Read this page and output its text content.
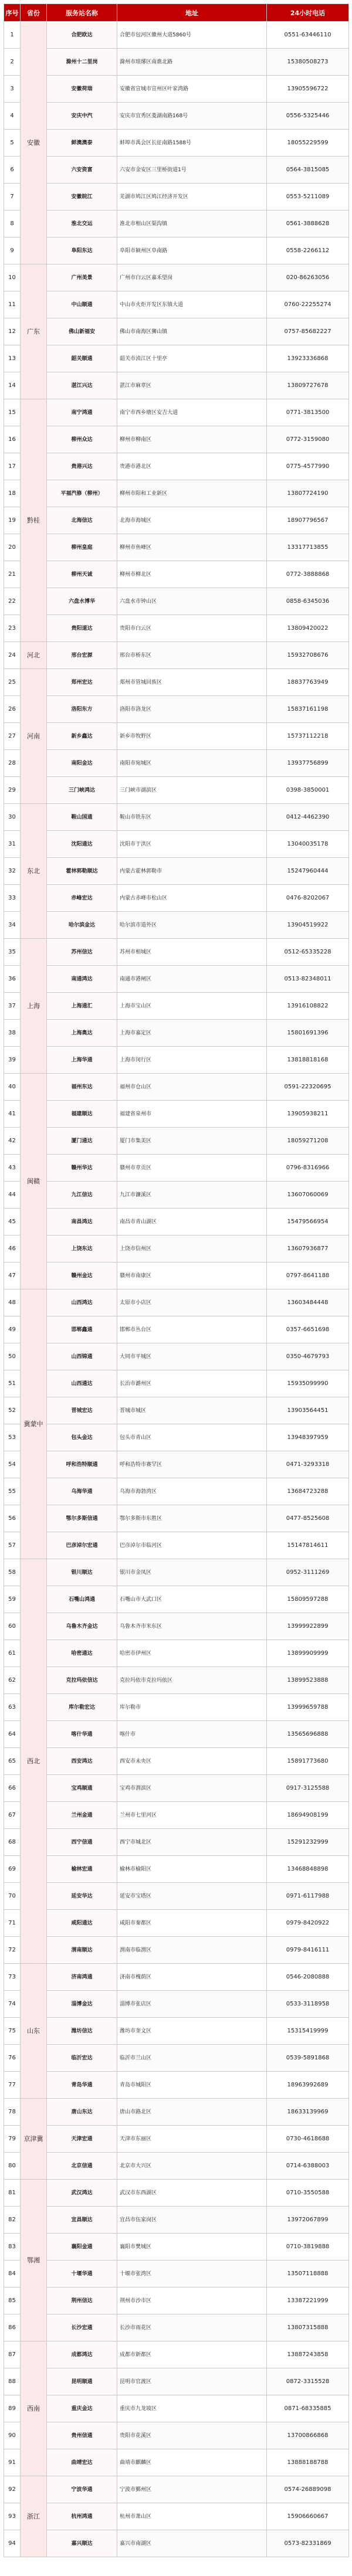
序号	省份	服务站名称	地址	24小时电话
1	安徽	合肥欧达	合肥市包河区徽州大道5860号	0551-63446110
2		滁州十二里岗	滁州市琅琊区南谯北路	15380508273
3		安徽荷瑞	安徽省宣城市宣州区叶家湾路	13905596722
4		安庆中汽	安庆市宜秀区菱湖南路168号	0556-5325446
5		鲜澳澳泰	蚌埠市禹会区长征南路1588号	18055229599
6		六安资富	六安市金安区三里桥街道1号	0564-3815085
7		安徽皖江	芜湖市鸠江区鸠江经济开发区	0553-5211089
8		淮北交运	淮北市相山区渠沟镇	0561-3888628
9		阜阳东达	阜阳市颍州区阜南路	0558-2266112
10	广东	广州美景	广州市白云区嘉禾望岗	020-86263056
11		中山顺通	中山市火炬开发区东镇大道	0760-22255274
12		佛山新福安	佛山市南海区狮山镇	0757-85682227
13		韶关顺通	韶关市浈江区十里亭	13923336868
14		湛江兴达	湛江市麻章区	13809727678
15	黔桂	南宁鸿通	南宁市西乡塘区安吉大道	0771-3813500
16		柳州众达	柳州市柳南区	0772-3159080
17		贵港兴达	贵港市港北区	0775-4577990
18		平福汽修（柳州）	柳州市阳和工业新区	13807724190
19		北海信达	北海市海城区	18907796567
20		柳州皇庭	柳州市鱼峰区	13317713855
21		柳州天诚	柳州市柳北区	0772-3888868
22		六盘水博华	六盘水市钟山区	0858-6345036
23		贵阳道达	贵阳市白云区	13809420022
24	河北	邢台宏源	邢台市桥东区	15932708676
25	河南	郑州宏达	郑州市管城回族区	18837763949
26		洛阳东方	洛阳市洛龙区	15837161198
27		新乡鑫达	新乡市牧野区	15737112218
28		南阳金达	南阳市宛城区	13937756899
29		三门峡鸿达	三门峡市湖滨区	0398-3850001
30	东北	鞍山国通	鞍山市铁东区	0412-4462390
31		沈阳通达	沈阳市于洪区	13040035178
32		霍林郭勒顺达	内蒙古霍林郭勒市	15247960444
33		赤峰宏达	内蒙古赤峰市松山区	0476-8202067
34		哈尔滨金达	哈尔滨市道外区	13904519922
35	上海	苏州信达	苏州市相城区	0512-65335228
36		南通鸿达	南通市港闸区	0513-82348011
37		上海通汇	上海市宝山区	13916108822
38		上海奥达	上海市嘉定区	15801691396
39		上海华通	上海市闵行区	13818818168
40	闽赣	福州东达	福州市仓山区	0591-22320695
41		福建顺达	福建省泉州市	13905938211
42		厦门通达	厦门市集美区	18059271208
43		赣州华达	赣州市章贡区	0796-8316966
44		九江信达	九江市濂溪区	13607060069
45		南昌鸿达	南昌市青山湖区	15479566954
46		上饶东达	上饶市信州区	13607936877
47		赣州金达	赣州市南康区	0797-8641188
48	冀蒙中	山西鸿达	太原市小店区	13603484448
49		邯郸鑫通	邯郸市丛台区	0357-6651698
50		山西锦通	大同市平城区	0350-4679793
51		山西通达	长治市潞州区	15935099990
52		晋城宏达	晋城市城区	13903564451
53		包头金达	包头市青山区	13948397959
54		呼和浩特顺通	呼和浩特市赛罕区	0471-3293318
55		乌海华通	乌海市海勃湾区	13684723288
56		鄂尔多斯信通	鄂尔多斯市东胜区	0477-8525608
57		巴彦淖尔宏通	巴彦淖尔市临河区	15147814611
58	西北	银川顺达	银川市金凤区	0952-3111269
59		石嘴山鸿通	石嘴山市大武口区	15809597288
60		乌鲁木齐金达	乌鲁木齐市米东区	13999922899
61		哈密通达	哈密市伊州区	13899909999
62		克拉玛依信达	克拉玛依市克拉玛依区	13899523888
63		库尔勒宏达	库尔勒市	13999659788
64		喀什华通	喀什市	13565696888
65		西安鸿达	西安市未央区	15891773680
66		宝鸡顺通	宝鸡市渭滨区	0917-3125588
67		兰州金通	兰州市七里河区	18694908199
68		西宁信通	西宁市城北区	15291232999
69		榆林宏通	榆林市榆阳区	13468848898
70		延安华达	延安市宝塔区	0971-6117988
71		咸阳通达	咸阳市秦都区	0979-8420922
72		渭南顺达	渭南市临渭区	0979-8416111
73	山东	济南鸿通	济南市槐荫区	0546-2080888
74		淄博金达	淄博市张店区	0533-3118958
75		潍坊信达	潍坊市奎文区	15315419999
76		临沂宏达	临沂市兰山区	0539-5891868
77		青岛华通	青岛市城阳区	18963992689
78	京津冀	唐山东达	唐山市路北区	18633139969
79		天津宏通	天津市东丽区	0730-4618688
80		北京信通	北京市大兴区	0714-6388003
81	鄂湘	武汉鸿达	武汉市东西湖区	0710-3550588
82		宜昌顺达	宜昌市伍家岗区	13972067899
83		襄阳金通	襄阳市樊城区	0710-3819888
84		十堰华通	十堰市张湾区	13507118888
85		荆州信达	荆州市沙市区	13387221999
86		长沙宏通	长沙市雨花区	13807315888
87	西南	成都鸿达	成都市新都区	13887243858
88		昆明顺通	昆明市官渡区	0872-3315528
89		重庆金达	重庆市九龙坡区	0871-68335885
90		贵州信通	贵阳市花溪区	13700866868
91		曲靖宏达	曲靖市麒麟区	13888188788
92	浙江	宁波华通	宁波市鄞州区	0574-26889098
93		杭州鸿通	杭州市萧山区	15906660667
94		嘉兴顺达	嘉兴市南湖区	0573-82331869
